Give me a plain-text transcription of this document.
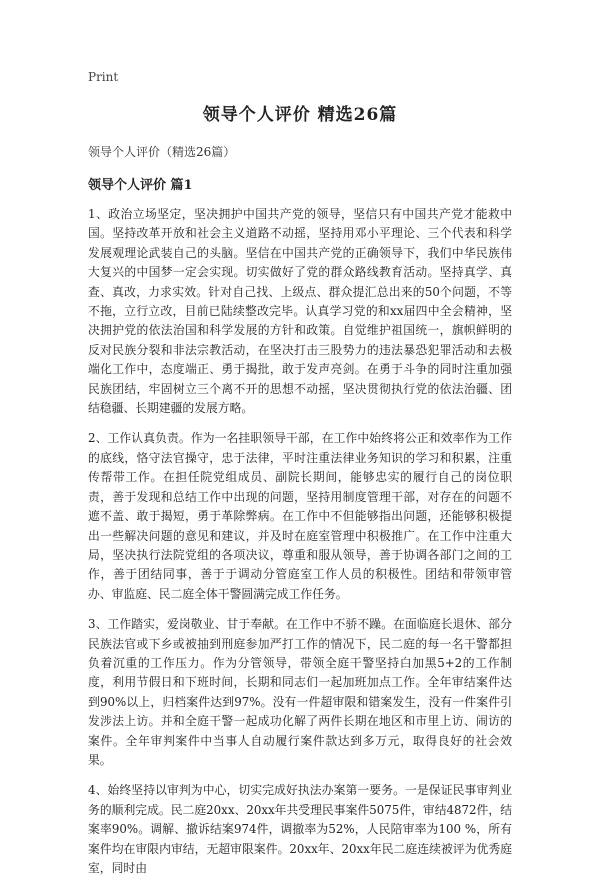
Print
领导个人评价 精选26篇
领导个人评价（精选26篇）
领导个人评价 篇1

1、政治立场坚定，坚决拥护中国共产党的领导，坚信只有中国共产党才能救中国。坚持改革开放和社会主义道路不动摇，坚持用邓小平理论、三个代表和科学发展观理论武装自己的头脑。坚信在中国共产党的正确领导下，我们中华民族伟大复兴的中国梦一定会实现。切实做好了党的群众路线教育活动。坚持真学、真查、真改，力求实效。针对自己找、上级点、群众提汇总出来的50个问题，不等不拖，立行立改，目前已陆续整改完毕。认真学习党的和xx届四中全会精神，坚决拥护党的依法治国和科学发展的方针和政策。自觉维护祖国统一，旗帜鲜明的反对民族分裂和非法宗教活动，在坚决打击三股势力的违法暴恐犯罪活动和去极端化工作中，态度端正、勇于揭批，敢于发声亮剑。在勇于斗争的同时注重加强民族团结，牢固树立三个离不开的思想不动摇，坚决贯彻执行党的依法治疆、团结稳疆、长期建疆的发展方略。

2、工作认真负责。作为一名挂职领导干部，在工作中始终将公正和效率作为工作的底线，恪守法官操守，忠于法律，平时注重法律业务知识的学习和积累，注重传帮带工作。在担任院党组成员、副院长期间，能够忠实的履行自己的岗位职责，善于发现和总结工作中出现的问题，坚持用制度管理干部，对存在的问题不遮不盖、敢于揭短，勇于革除弊病。在工作中不但能够指出问题，还能够积极提出一些解决问题的意见和建议，并及时在庭室管理中积极推广。在工作中注重大局，坚决执行法院党组的各项决议，尊重和服从领导，善于协调各部门之间的工作，善于团结同事，善于于调动分管庭室工作人员的积极性。团结和带领审管办、审监庭、民二庭全体干警圆满完成工作任务。

3、工作踏实，爱岗敬业、甘于奉献。在工作中不骄不躁。在面临庭长退休、部分民族法官或下乡或被抽到刑庭参加严打工作的情况下，民二庭的每一名干警都担负着沉重的工作压力。作为分管领导，带领全庭干警坚持白加黑5+2的工作制度，利用节假日和下班时间，长期和同志们一起加班加点工作。全年审结案件达到90%以上，归档案件达到97%。没有一件超审限和错案发生，没有一件案件引发涉法上访。并和全庭干警一起成功化解了两件长期在地区和市里上访、闹访的案件。全年审判案件中当事人自动履行案件款达到多万元，取得良好的社会效果。

4、始终坚持以审判为中心，切实完成好执法办案第一要务。一是保证民事审判业务的顺利完成。民二庭20xx、20xx年共受理民事案件5075件，审结4872件，结案率90%。调解、撤诉结案974件，调撤率为52%，人民陪审率为100 %，所有案件均在审限内审结，无超审限案件。20xx年、20xx年民二庭连续被评为优秀庭室，同时由
